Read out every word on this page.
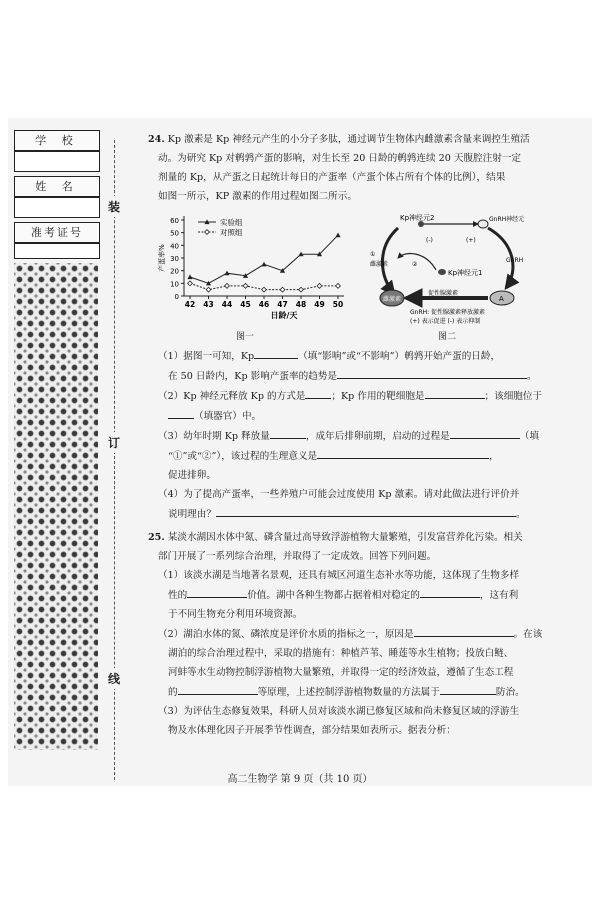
学 校
姓 名
准考证号
装
订
线

24. Kp 激素是 Kp 神经元产生的小分子多肽，通过调节生物体内雌激素含量来调控生殖活

动。为研究 Kp 对鹌鹑产蛋的影响，对生长至 20 日龄的鹌鹑连续 20 天腹腔注射一定

剂量的 Kp，从产蛋之日起统计每日的产蛋率（产蛋个体占所有个体的比例），结果

如图一所示，KP 激素的作用过程如图二所示。

产蛋率%
日龄/天
0
10
20
30
40
50
60
42 43 44 45 46 47 48 49 50
实验组
对照组
图一
Kp神经元2	GnRH神经元
①
雌激素
Kp神经元1
②
(+)
(-)
GnRH
A
促性腺激素
雌激素
GnRH: 促性腺激素释放激素
(+) 表示促进 (-) 表示抑制
图二

（1）据图一可知，Kp	（填“影响”或“不影响”）鹌鹑开始产蛋的日龄，

在 50 日龄内，Kp 影响产蛋率的趋势是	。

（2）Kp 神经元释放 Kp 的方式是	；Kp 作用的靶细胞是	；该细胞位于

（填器官）中。

（3）幼年时期 Kp 释放量	，成年后排卵前期，启动的过程是	（填

“①”或“②”），该过程的生理意义是	，

促进排卵。

（4）为了提高产蛋率，一些养殖户可能会过度使用 Kp 激素。请对此做法进行评价并

说明理由？	。

25. 某淡水湖因水体中氮、磷含量过高导致浮游植物大量繁殖，引发富营养化污染。相关

部门开展了一系列综合治理，并取得了一定成效。回答下列问题。

（1）该淡水湖是当地著名景观，还具有城区河道生态补水等功能，这体现了生物多样

性的	价值。湖中各种生物都占据着相对稳定的	，这有利

于不同生物充分利用环境资源。

（2）湖泊水体的氮、磷浓度是评价水质的指标之一，原因是	。在该

湖泊的综合治理过程中，采取的措施有：种植芦苇、睡莲等水生植物；投放白鲢、

河蚌等水生动物控制浮游植物大量繁殖，并取得一定的经济效益，遵循了生态工程

的	等原理，上述控制浮游植物数量的方法属于	防治。

（3）为评估生态修复效果，科研人员对该淡水湖已修复区域和尚未修复区域的浮游生

物及水体理化因子开展季节性调查，部分结果如表所示。据表分析：

高二生物学 第 9 页（共 10 页）
